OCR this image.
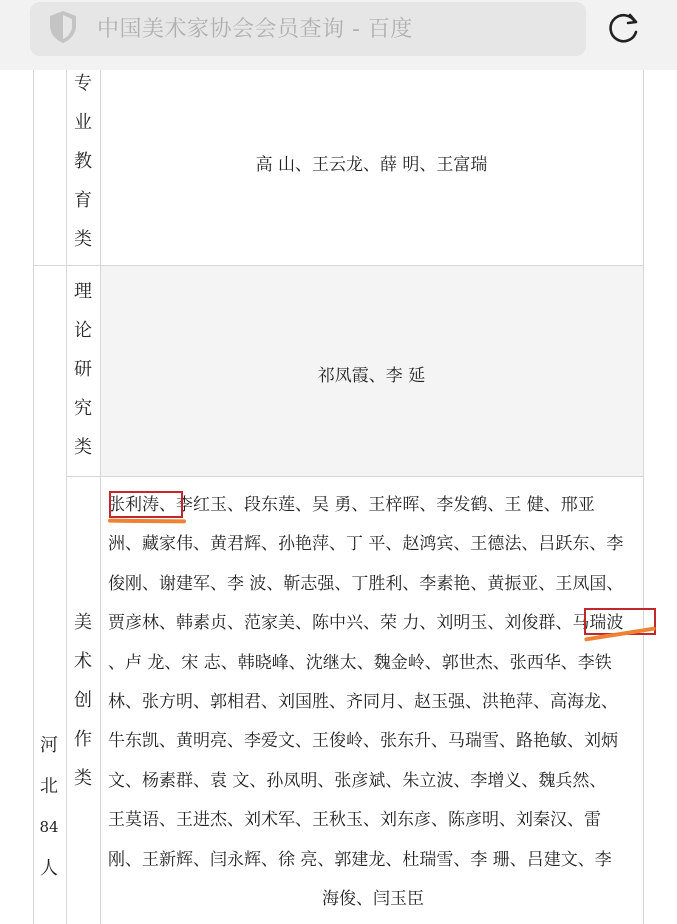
中国美术家协会会员查询 - 百度
专
业
教
育
类
高 山、王云龙、薛 明、王富瑞
理
论
研
究
类
祁凤霞、李 延
河
北
84
人
美
术
创
作
类
张利涛、李红玉、段东莲、吴 勇、王梓晖、李发鹤、王 健、邢亚
洲、藏家伟、黄君辉、孙艳萍、丁 平、赵鸿宾、王德法、吕跃东、李
俊刚、谢建军、李 波、靳志强、丁胜利、李素艳、黄振亚、王凤国、
贾彦林、韩素贞、范家美、陈中兴、荣 力、刘明玉、刘俊群、马瑞波
、卢 龙、宋 志、韩晓峰、沈继太、魏金岭、郭世杰、张西华、李铁
林、张方明、郭相君、刘国胜、齐同月、赵玉强、洪艳萍、高海龙、
牛东凯、黄明亮、李爱文、王俊岭、张东升、马瑞雪、路艳敏、刘炳
文、杨素群、袁 文、孙凤明、张彦斌、朱立波、李增义、魏兵然、
王莫语、王进杰、刘术军、王秋玉、刘东彦、陈彦明、刘秦汉、雷
刚、王新辉、闫永辉、徐 亮、郭建龙、杜瑞雪、李 珊、吕建文、李
海俊、闫玉臣
